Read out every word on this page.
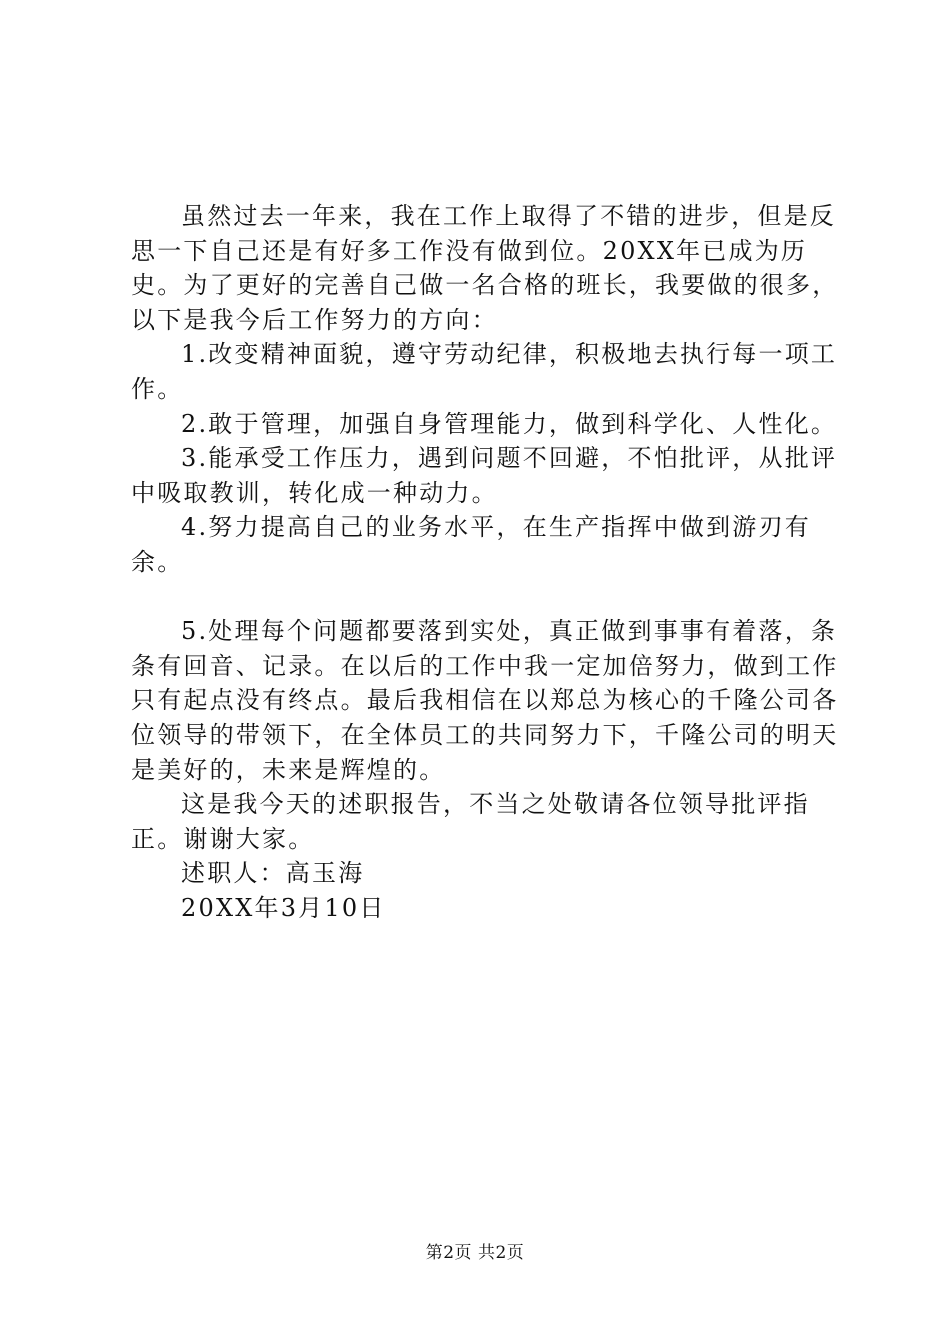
虽然过去一年来，我在工作上取得了不错的进步，但是反思一下自己还是有好多工作没有做到位。20XX年已成为历史。为了更好的完善自己做一名合格的班长，我要做的很多，以下是我今后工作努力的方向：

1.改变精神面貌，遵守劳动纪律，积极地去执行每一项工作。

2.敢于管理，加强自身管理能力，做到科学化、人性化。

3.能承受工作压力，遇到问题不回避，不怕批评，从批评中吸取教训，转化成一种动力。

4.努力提高自己的业务水平，在生产指挥中做到游刃有余。

5.处理每个问题都要落到实处，真正做到事事有着落，条条有回音、记录。在以后的工作中我一定加倍努力，做到工作只有起点没有终点。最后我相信在以郑总为核心的千隆公司各位领导的带领下，在全体员工的共同努力下，千隆公司的明天是美好的，未来是辉煌的。

这是我今天的述职报告，不当之处敬请各位领导批评指正。谢谢大家。

述职人：高玉海

20XX年3月10日

第2页 共2页
